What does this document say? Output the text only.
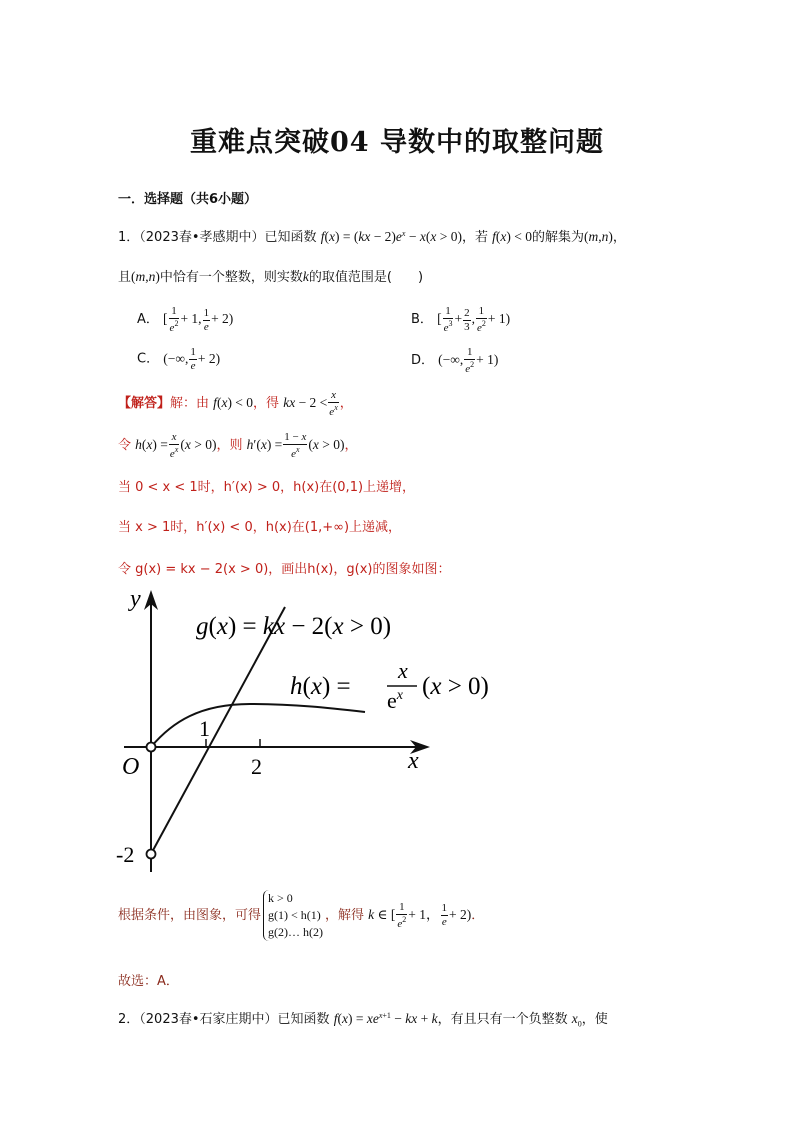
重难点突破04 导数中的取整问题
一．选择题（共6小题）
1．（2023春•孝感期中）已知函数 $f(x) = (kx - 2)e^x - x(x > 0)$，若 f(x) < 0的解集为(m,n)，
且(m,n)中恰有一个整数，则实数k的取值范围是(　　)
A． [ $\frac{1}{e^2} + 1$, $\frac{1}{e} + 2$)	B． [ $\frac{1}{e^3} + \frac{2}{3}$ , $\frac{1}{e^2} + 1$)
C． (−∞, $\frac{1}{e} + 2$)	D． (−∞, $\frac{1}{e^2} + 1$)
【解答】解：由 f(x) < 0，得 kx − $2 < \frac{x}{e^x}$ ，
令 $h(x) = \frac{x}{e^x} (x > 0)$，则 $h'(x) = \frac{1 - x}{e^x} (x > 0)$，
当 0 < x < 1时，h′(x) > 0，h(x)在(0,1)上递增，
当 x > 1时，h′(x) < 0，h(x)在(1,+∞)上递减，
令 g(x) = kx − 2(x > 0)，画出h(x)，g(x)的图象如图：
y
x
O
1
2
-2
g(x) = kx − 2(x > 0)
h(x) =
x
$e^x$ (x > 0)
根据条件，由图象，可得
k > 0
g(1) < h(1)
g(2)… h(2)
，解得 k ∈ [ $\frac{1}{e^2} + 1$， $\frac{1}{e} + 2$)．
故选：A．
2．（2023春•石家庄期中）已知函数 $f(x) = xe^{x+1}$ − kx + k，有且只有一个负整数 $x_0$，使
